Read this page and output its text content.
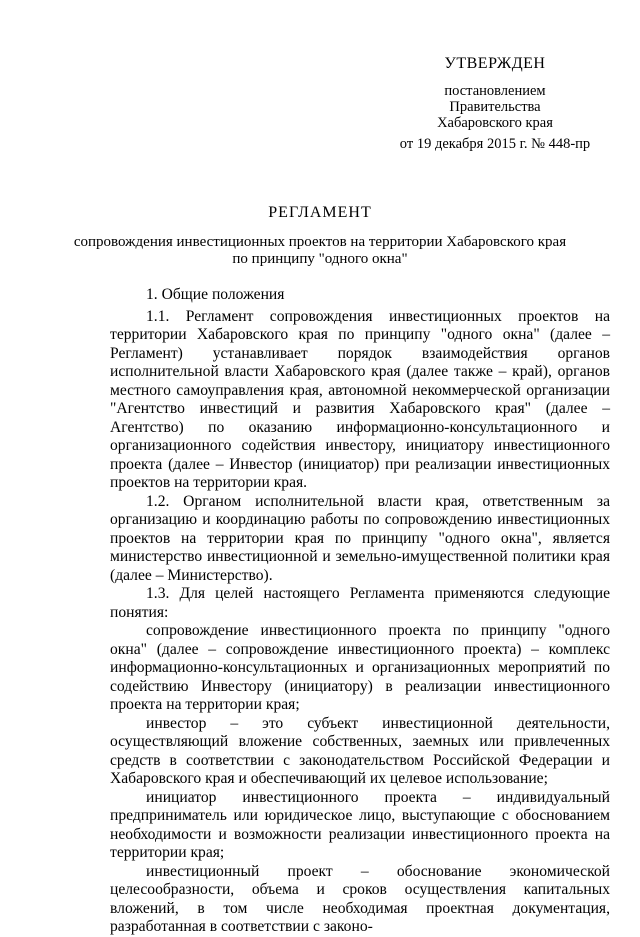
УТВЕРЖДЕН
постановлением
Правительства
Хабаровского края
от 19 декабря 2015 г. № 448-пр
РЕГЛАМЕНТ
сопровождения инвестиционных проектов на территории Хабаровского края
по принципу "одного окна"

1. Общие положения

1.1. Регламент сопровождения инвестиционных проектов на территории Хабаровского края по принципу "одного окна" (далее – Регламент) устанавливает порядок взаимодействия органов исполнительной власти Хабаровского края (далее также – край), органов местного самоуправления края, автономной некоммерческой организации "Агентство инвестиций и развития Хабаровского края" (далее – Агентство) по оказанию информационно-консультационного и организационного содействия инвестору, инициатору инвестиционного проекта (далее – Инвестор (инициатор) при реализации инвестиционных проектов на территории края.

1.2. Органом исполнительной власти края, ответственным за организацию и координацию работы по сопровождению инвестиционных проектов на территории края по принципу "одного окна", является министерство инвестиционной и земельно-имущественной политики края (далее – Министерство).

1.3. Для целей настоящего Регламента применяются следующие понятия:

сопровождение инвестиционного проекта по принципу "одного окна" (далее – сопровождение инвестиционного проекта) – комплекс информационно-консультационных и организационных мероприятий по содействию Инвестору (инициатору) в реализации инвестиционного проекта на территории края;

инвестор – это субъект инвестиционной деятельности, осуществляющий вложение собственных, заемных или привлеченных средств в соответствии с законодательством Российской Федерации и Хабаровского края и обеспечивающий их целевое использование;

инициатор инвестиционного проекта – индивидуальный предприниматель или юридическое лицо, выступающие с обоснованием необходимости и возможности реализации инвестиционного проекта на территории края;

инвестиционный проект – обоснование экономической целесообразности, объема и сроков осуществления капитальных вложений, в том числе необходимая проектная документация, разработанная в соответствии с законо-
